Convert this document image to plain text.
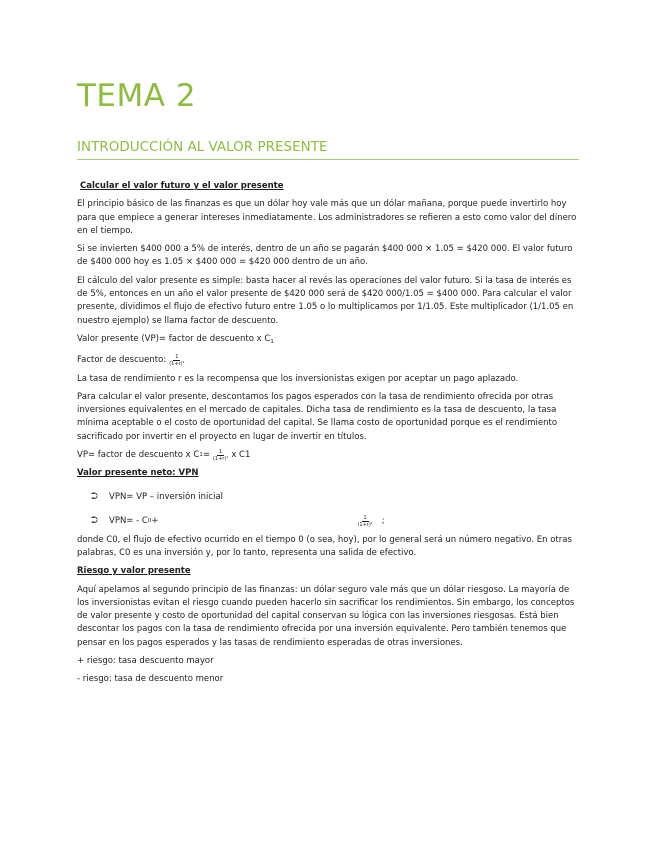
TEMA 2
INTRODUCCIÓN AL VALOR PRESENTE

Calcular el valor futuro y el valor presente

El principio básico de las finanzas es que un dólar hoy vale más que un dólar mañana, porque puede invertirlo hoy para que empiece a generar intereses inmediatamente. Los administradores se refieren a esto como valor del dinero en el tiempo.

Si se invierten $400 000 a 5% de interés, dentro de un año se pagarán $400 000 × 1.05 = $420 000. El valor futuro de $400 000 hoy es 1.05 × $400 000 = $420 000 dentro de un año.

El cálculo del valor presente es simple: basta hacer al revés las operaciones del valor futuro. Si la tasa de interés es de 5%, entonces en un año el valor presente de $420 000 será de $420 000/1.05 = $400 000. Para calcular el valor presente, dividimos el flujo de efectivo futuro entre 1.05 o lo multiplicamos por 1/1.05. Este multiplicador (1/1.05 en nuestro ejemplo) se llama factor de descuento.

Valor presente (VP)= factor de descuento x $C_1$

Factor de descuento: $\frac{1}{\text{(1+r)¹}}$

La tasa de rendimiento r es la recompensa que los inversionistas exigen por aceptar un pago aplazado.

Para calcular el valor presente, descontamos los pagos esperados con la tasa de rendimiento ofrecida por otras inversiones equivalentes en el mercado de capitales. Dicha tasa de rendimiento es la tasa de descuento, la tasa mínima aceptable o el costo de oportunidad del capital. Se llama costo de oportunidad porque es el rendimiento sacrificado por invertir en el proyecto en lugar de invertir en títulos.

VP= factor de descuento x C $1 = \frac{1}{\text{(1+r)¹}}$ x C1

Valor presente neto: VPN

⮊	VPN= VP – inversión inicial
⮊	VPN= - C 0 +	$\frac{1}{\text{(1+r)¹}}$ ;

donde C0, el flujo de efectivo ocurrido en el tiempo 0 (o sea, hoy), por lo general será un número negativo. En otras palabras, C0 es una inversión y, por lo tanto, representa una salida de efectivo.

Riesgo y valor presente

Aquí apelamos al segundo principio de las finanzas: un dólar seguro vale más que un dólar riesgoso. La mayoría de los inversionistas evitan el riesgo cuando pueden hacerlo sin sacrificar los rendimientos. Sin embargo, los conceptos de valor presente y costo de oportunidad del capital conservan su lógica con las inversiones riesgosas. Está bien descontar los pagos con la tasa de rendimiento ofrecida por una inversión equivalente. Pero también tenemos que pensar en los pagos esperados y las tasas de rendimiento esperadas de otras inversiones.

+ riesgo: tasa descuento mayor

- riesgo: tasa de descuento menor
